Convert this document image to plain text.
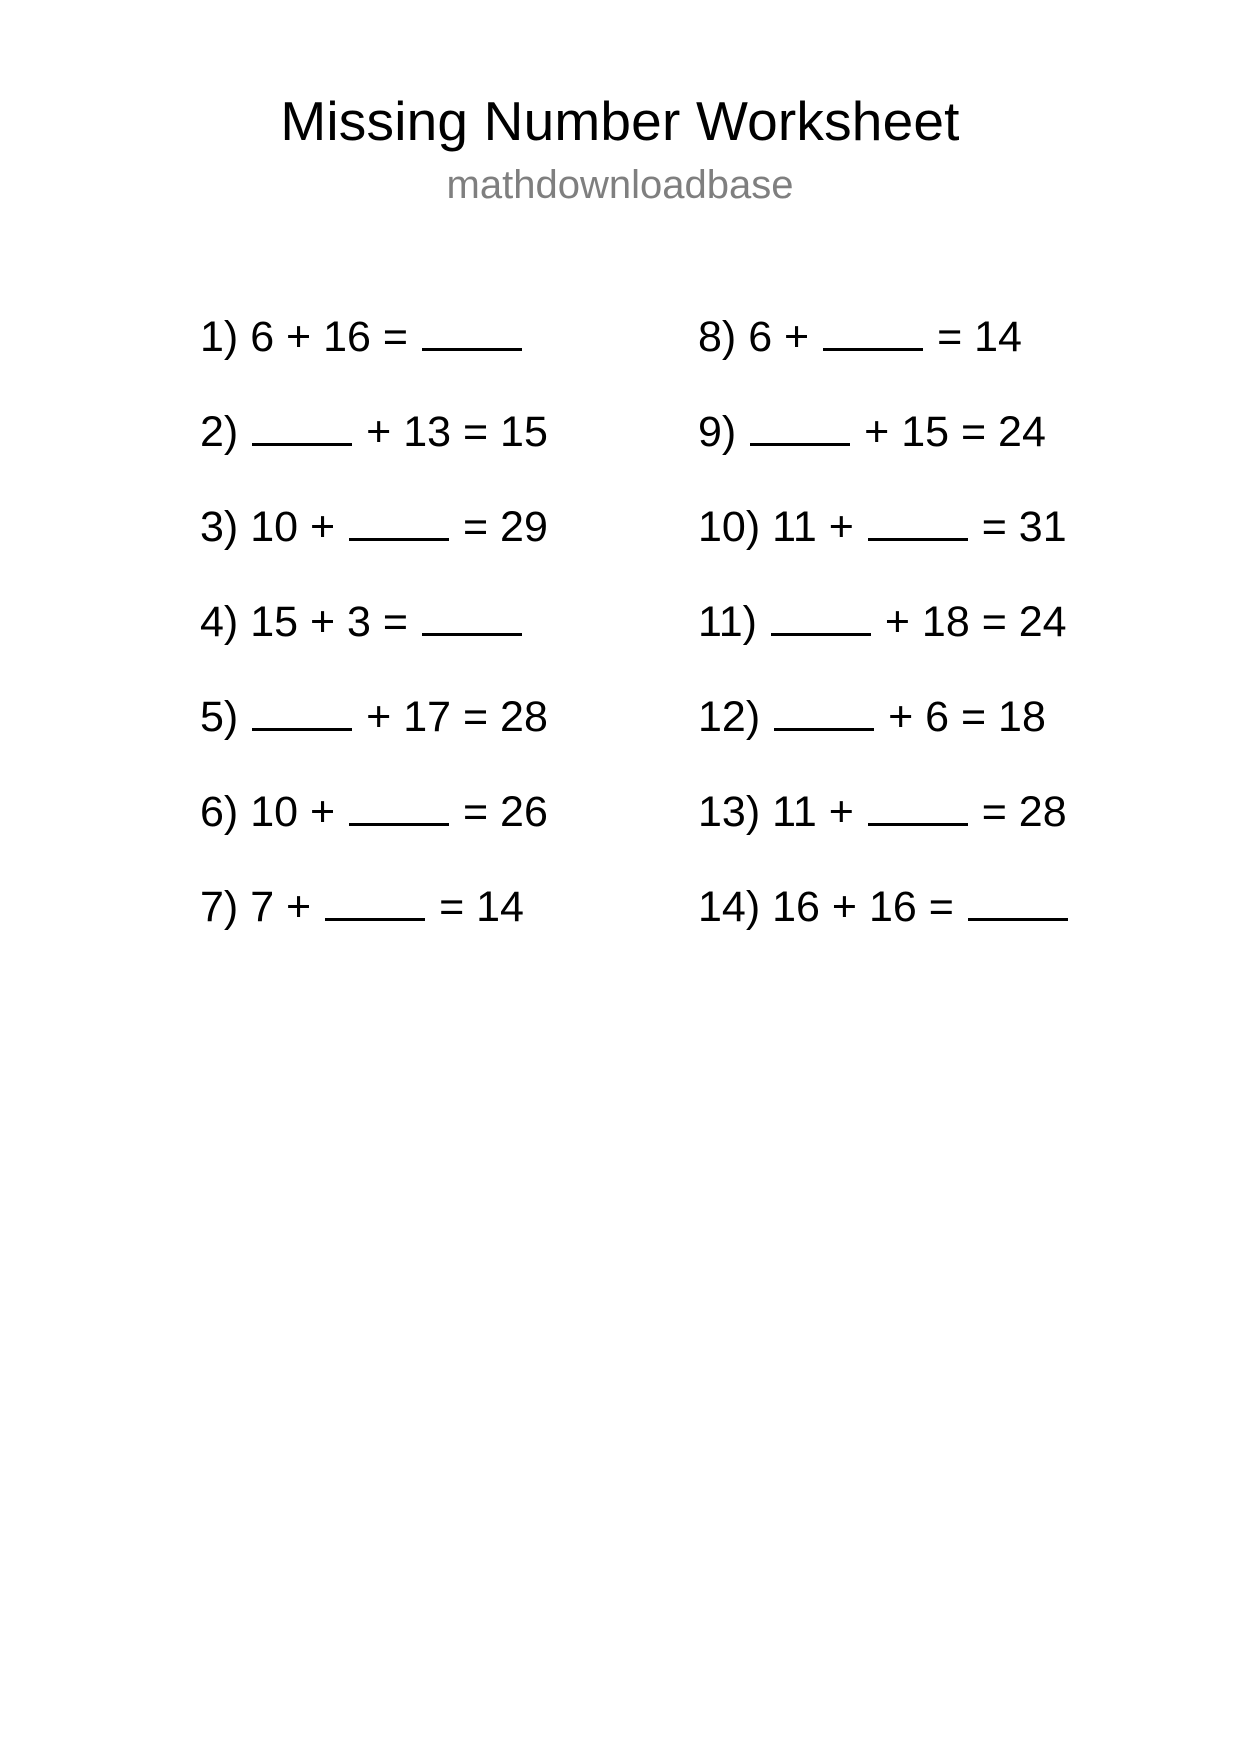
Missing Number Worksheet
mathdownloadbase
1) 6 + 16 =
2)	+ 13 = 15
3) 10 +	= 29
4) 15 + 3 =
5)	+ 17 = 28
6) 10 +	= 26
7) 7 +	= 14
8) 6 +	= 14
9)	+ 15 = 24
10) 11 +	= 31
11)	+ 18 = 24
12)	+ 6 = 18
13) 11 +	= 28
14) 16 + 16 =
